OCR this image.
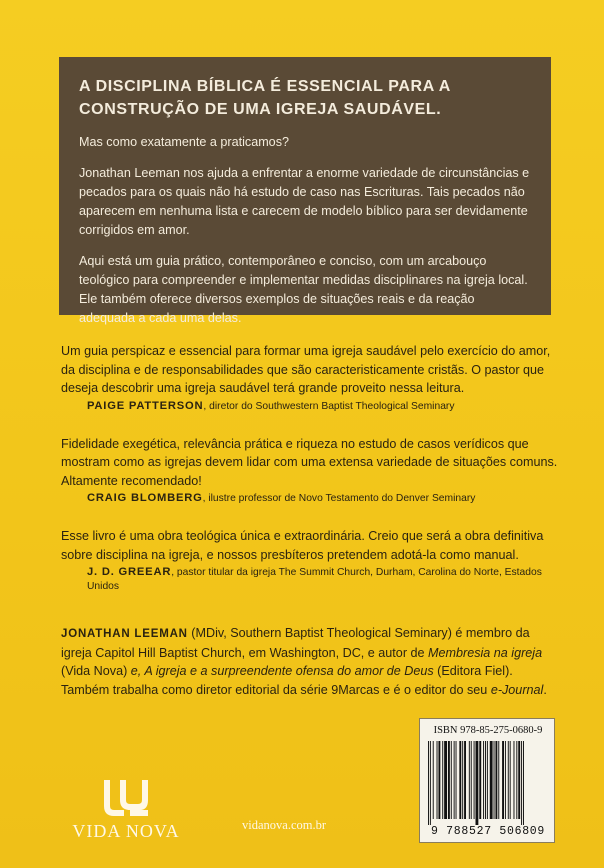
A DISCIPLINA BÍBLICA É ESSENCIAL PARA A CONSTRUÇÃO DE UMA IGREJA SAUDÁVEL.

Mas como exatamente a praticamos?

Jonathan Leeman nos ajuda a enfrentar a enorme variedade de circunstâncias e pecados para os quais não há estudo de caso nas Escrituras. Tais pecados não aparecem em nenhuma lista e carecem de modelo bíblico para ser devidamente corrigidos em amor.

Aqui está um guia prático, contemporâneo e conciso, com um arcabouço teológico para compreender e implementar medidas disciplinares na igreja local. Ele também oferece diversos exemplos de situações reais e da reação adequada a cada uma delas.

Um guia perspicaz e essencial para formar uma igreja saudável pelo exercício do amor, da disciplina e de responsabilidades que são caracteristicamente cristãs. O pastor que deseja descobrir uma igreja saudável terá grande proveito nessa leitura.

PAIGE PATTERSON, diretor do Southwestern Baptist Theological Seminary

Fidelidade exegética, relevância prática e riqueza no estudo de casos verídicos que mostram como as igrejas devem lidar com uma extensa variedade de situações comuns. Altamente recomendado!

CRAIG BLOMBERG, ilustre professor de Novo Testamento do Denver Seminary

Esse livro é uma obra teológica única e extraordinária. Creio que será a obra definitiva sobre disciplina na igreja, e nossos presbíteros pretendem adotá-la como manual.

J. D. GREEAR, pastor titular da igreja The Summit Church, Durham, Carolina do Norte, Estados Unidos
JONATHAN LEEMAN (MDiv, Southern Baptist Theological Seminary) é membro da igreja Capitol Hill Baptist Church, em Washington, DC, e autor de Membresia na igreja (Vida Nova) e, A igreja e a surpreendente ofensa do amor de Deus (Editora Fiel). Também trabalha como diretor editorial da série 9Marcas e é o editor do seu e-Journal.
ISBN 978-85-275-0680-9
9 788527 506809
VIDA NOVA	vidanova.com.br
